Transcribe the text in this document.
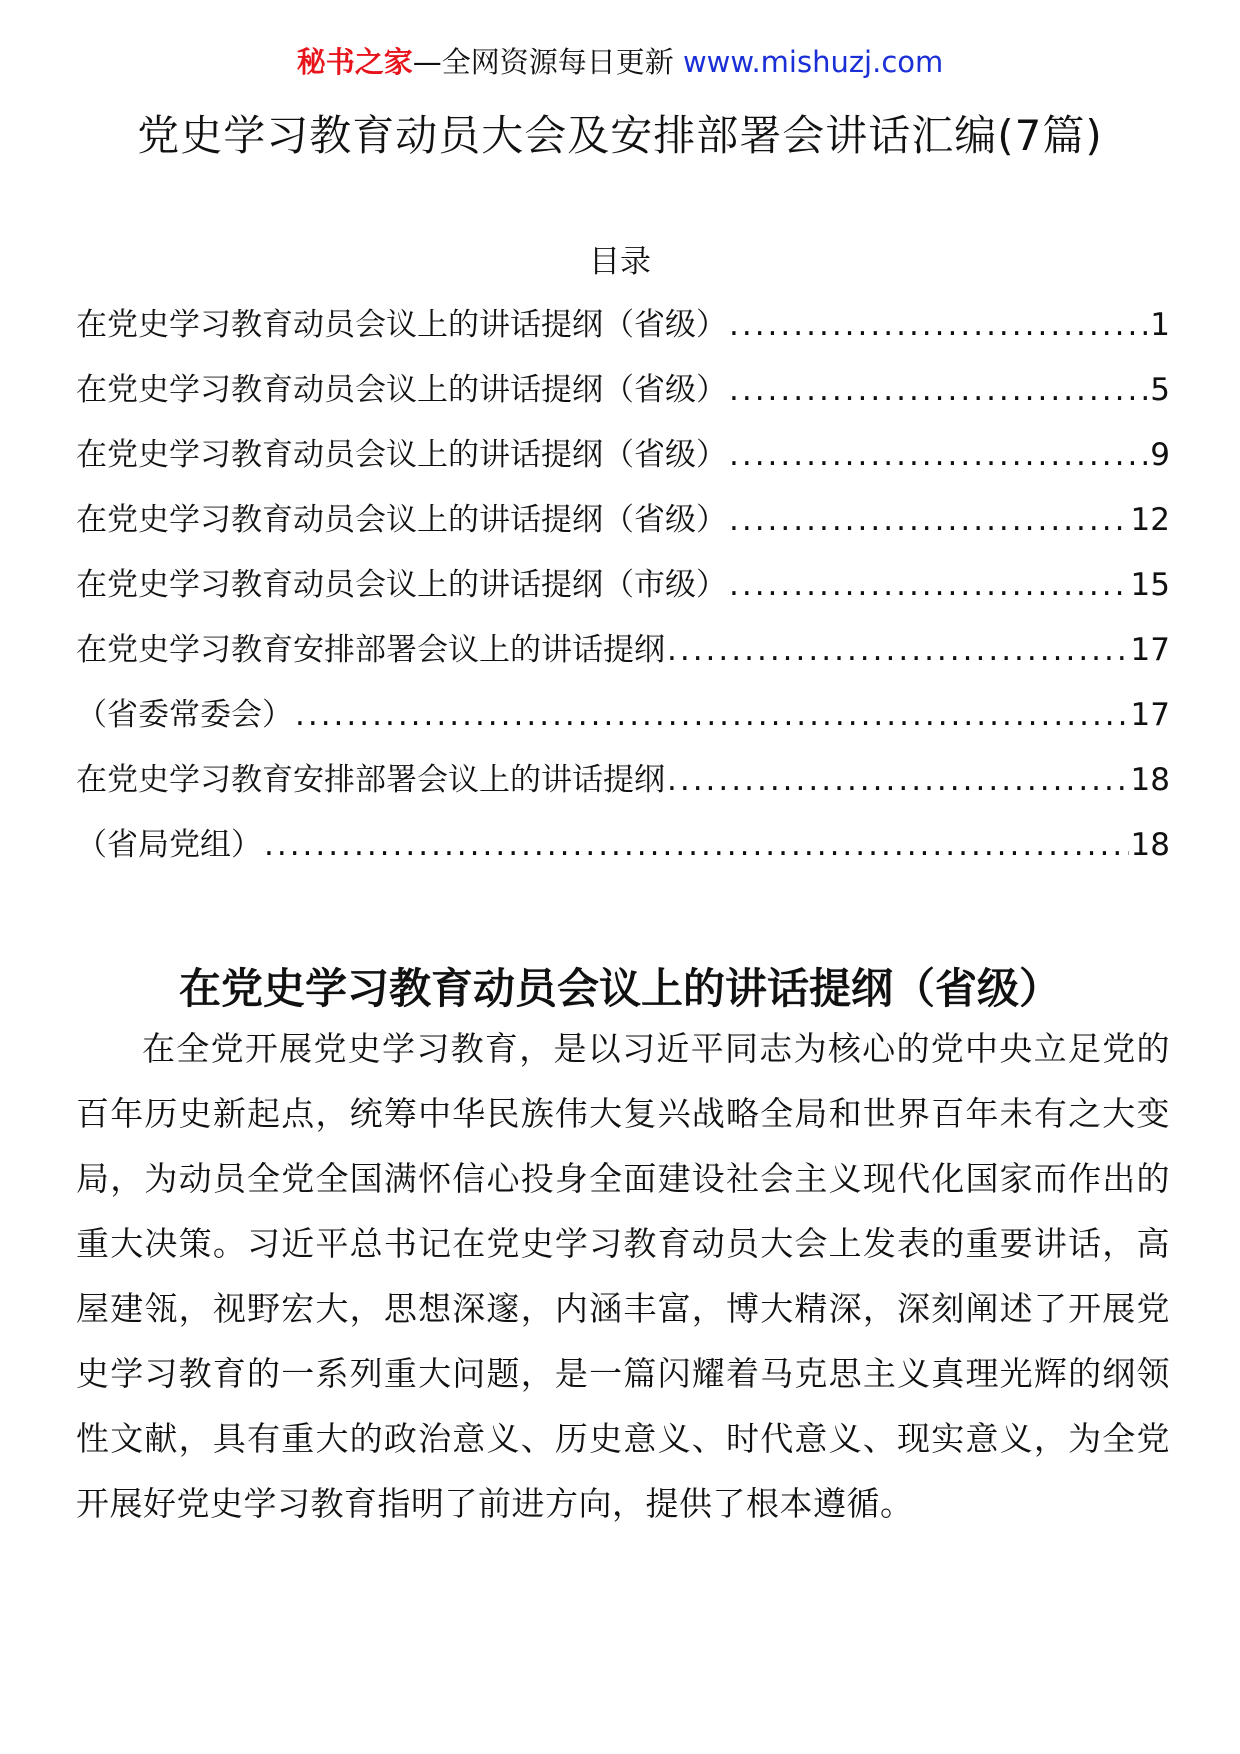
秘书之家—全网资源每日更新 www.mishuzj.com
党史学习教育动员大会及安排部署会讲话汇编(7篇)
目录
在党史学习教育动员会议上的讲话提纲（省级） .....	1
在党史学习教育动员会议上的讲话提纲（省级） .....	5
在党史学习教育动员会议上的讲话提纲（省级） .....	9
在党史学习教育动员会议上的讲话提纲（省级） .....	12
在党史学习教育动员会议上的讲话提纲（市级） .....	15
在党史学习教育安排部署会议上的讲话提纲 .....	17
（省委常委会） .....	17
在党史学习教育安排部署会议上的讲话提纲 .....	18
（省局党组） .....	18
在党史学习教育动员会议上的讲话提纲（省级）

在全党开展党史学习教育，是以习近平同志为核心的党中央立足党的百年历史新起点，统筹中华民族伟大复兴战略全局和世界百年未有之大变局，为动员全党全国满怀信心投身全面建设社会主义现代化国家而作出的重大决策。习近平总书记在党史学习教育动员大会上发表的重要讲话，高屋建瓴，视野宏大，思想深邃，内涵丰富，博大精深，深刻阐述了开展党史学习教育的一系列重大问题，是一篇闪耀着马克思主义真理光辉的纲领性文献，具有重大的政治意义、历史意义、时代意义、现实意义，为全党开展好党史学习教育指明了前进方向，提供了根本遵循。
